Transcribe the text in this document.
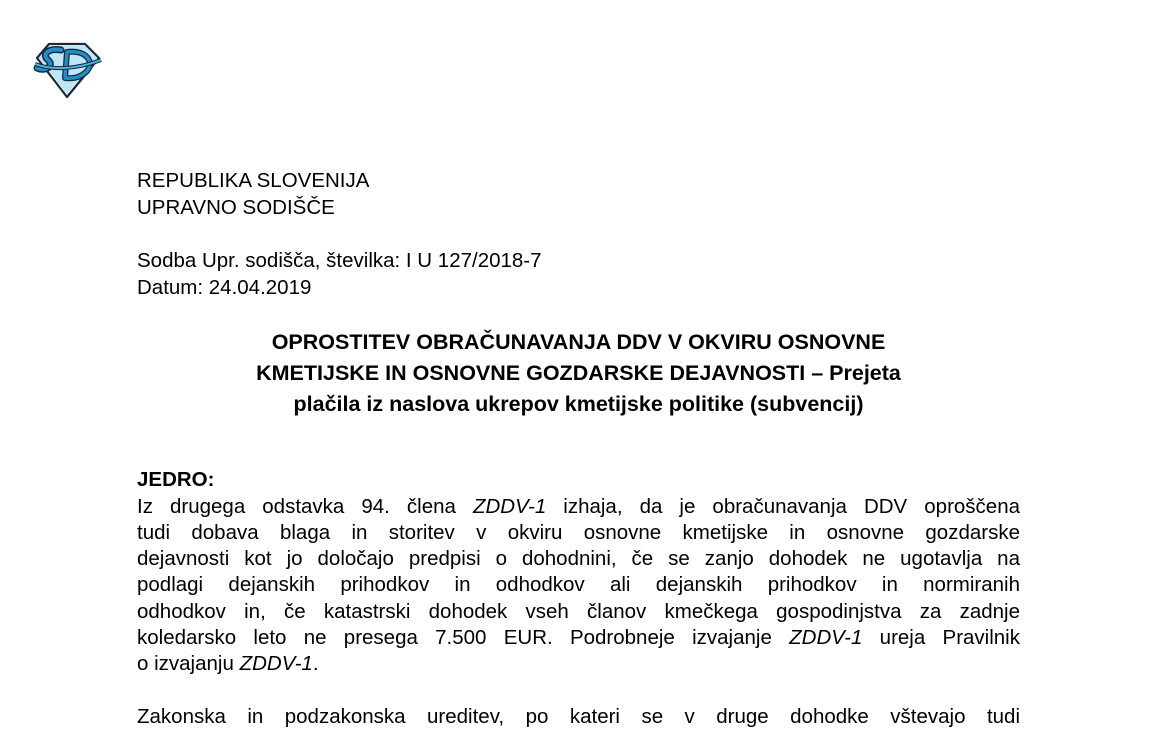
REPUBLIKA SLOVENIJA
UPRAVNO SODIŠČE
Sodba Upr. sodišča, številka: I U 127/2018-7
Datum: 24.04.2019
OPROSTITEV OBRAČUNAVANJA DDV V OKVIRU OSNOVNE
KMETIJSKE IN OSNOVNE GOZDARSKE DEJAVNOSTI – Prejeta
plačila iz naslova ukrepov kmetijske politike (subvencij)
JEDRO:
Iz drugega odstavka 94. člena ZDDV-1 izhaja, da je obračunavanja DDV oproščena
tudi dobava blaga in storitev v okviru osnovne kmetijske in osnovne gozdarske
dejavnosti kot jo določajo predpisi o dohodnini, če se zanjo dohodek ne ugotavlja na
podlagi dejanskih prihodkov in odhodkov ali dejanskih prihodkov in normiranih
odhodkov in, če katastrski dohodek vseh članov kmečkega gospodinjstva za zadnje
koledarsko leto ne presega 7.500 EUR. Podrobneje izvajanje ZDDV-1 ureja Pravilnik
o izvajanju ZDDV-1.
Zakonska in podzakonska ureditev, po kateri se v druge dohodke vštevajo tudi
